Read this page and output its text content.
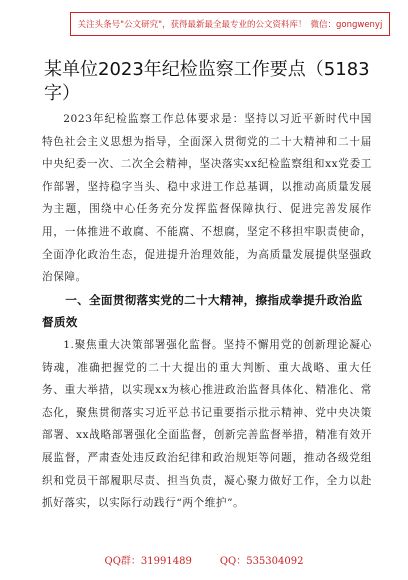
关注头条号"公文研究"，获得最新最全最专业的公文资料库！ 微信：gongwenyj
某单位2023年纪检监察工作要点（5183字）

2023年纪检监察工作总体要求是：坚持以习近平新时代中国特色社会主义思想为指导，全面深入贯彻党的二十大精神和二十届中央纪委一次、二次全会精神，坚决落实xx纪检监察组和xx党委工作部署，坚持稳字当头、稳中求进工作总基调，以推动高质量发展为主题，围绕中心任务充分发挥监督保障执行、促进完善发展作用，一体推进不敢腐、不能腐、不想腐，坚定不移担牢职责使命，全面净化政治生态，促进提升治理效能，为高质量发展提供坚强政治保障。

一、全面贯彻落实党的二十大精神，擦指成拳提升政治监督质效

1.聚焦重大决策部署强化监督。坚持不懈用党的创新理论凝心铸魂，准确把握党的二十大提出的重大判断、重大战略、重大任务、重大举措，以实现xx为核心推进政治监督具体化、精准化、常态化，聚焦贯彻落实习近平总书记重要指示批示精神、党中央决策部署、xx战略部署强化全面监督，创新完善监督举措，精准有效开展监督，严肃查处违反政治纪律和政治规矩等问题，推动各级党组织和党员干部履职尽责、担当负责，凝心聚力做好工作，全力以赴抓好落实，以实际行动践行“两个维护”。

QQ群：31991489	QQ：535304092
